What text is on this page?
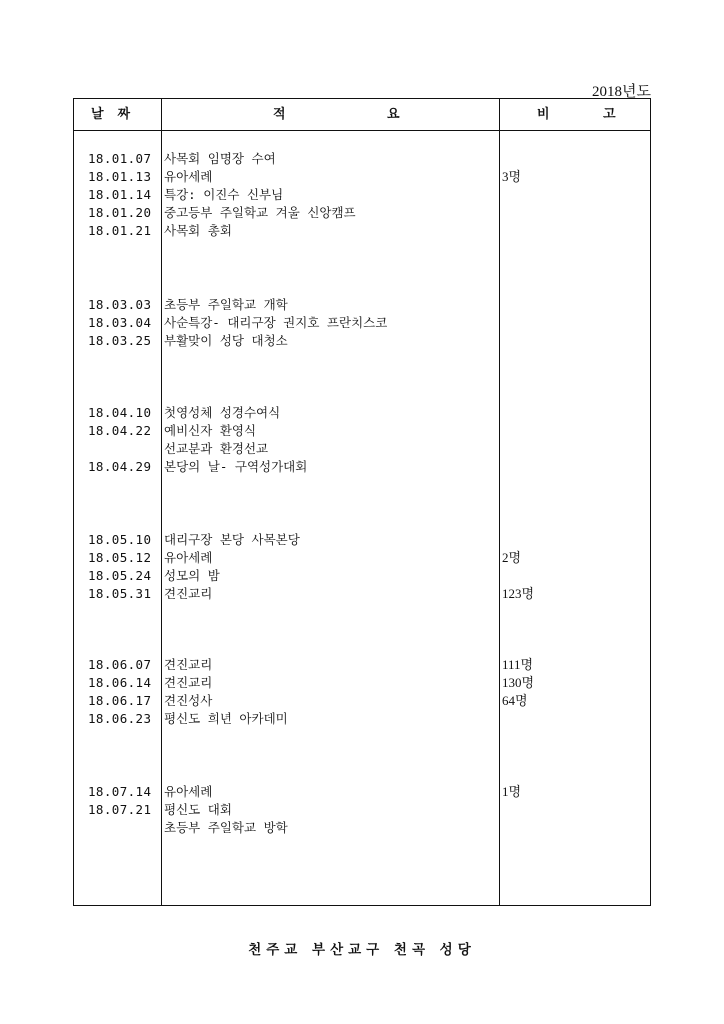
2018년도
날짜	적	요	비	고
18.01.07 사목회 임명장 수여
18.01.13 유아세례	3명
18.01.14 특강: 이진수 신부님
18.01.20 중고등부 주일학교 겨울 신앙캠프
18.01.21 사목회 총회
18.03.03 초등부 주일학교 개학
18.03.04 사순특강- 대리구장 권지호 프란치스코
18.03.25 부활맞이 성당 대청소
18.04.10 첫영성체 성경수여식
18.04.22 예비신자 환영식
선교분과 환경선교
18.04.29 본당의 날- 구역성가대회
18.05.10 대리구장 본당 사목본당
18.05.12 유아세례	2명
18.05.24 성모의 밤
18.05.31 견진교리	123명
18.06.07 견진교리	111명
18.06.14 견진교리	130명
18.06.17 견진성사	64명
18.06.23 평신도 희년 아카데미
18.07.14 유아세례	1명
18.07.21 평신도 대회
초등부 주일학교 방학
천주교 부산교구 천곡 성당
